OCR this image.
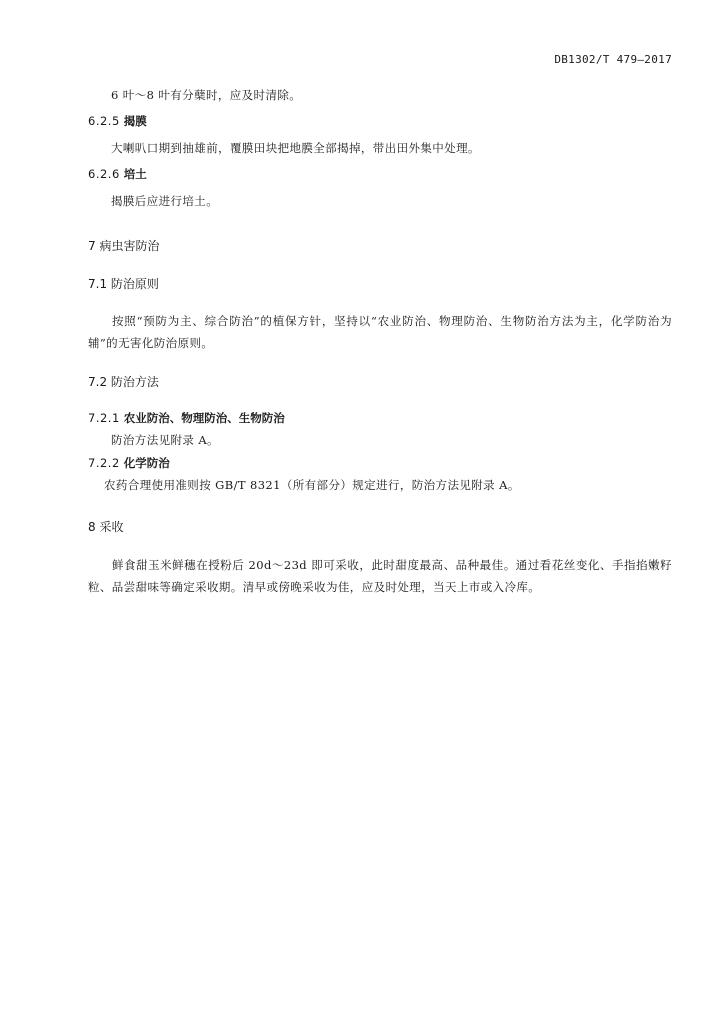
DB1302/T 479—2017
6 叶～8 叶有分蘖时，应及时清除。
6.2.5 揭膜
大喇叭口期到抽雄前，覆膜田块把地膜全部揭掉，带出田外集中处理。
6.2.6 培土
揭膜后应进行培土。
7 病虫害防治
7.1 防治原则
按照“预防为主、综合防治”的植保方针，坚持以“农业防治、物理防治、生物防治方法为主，化学防治为辅”的无害化防治原则。
7.2 防治方法
7.2.1 农业防治、物理防治、生物防治
防治方法见附录 A。
7.2.2 化学防治
农药合理使用准则按 GB/T 8321（所有部分）规定进行，防治方法见附录 A。
8 采收
鲜食甜玉米鲜穗在授粉后 20d～23d 即可采收，此时甜度最高、品种最佳。通过看花丝变化、手指掐嫩籽粒、品尝甜味等确定采收期。清早或傍晚采收为佳，应及时处理，当天上市或入冷库。
